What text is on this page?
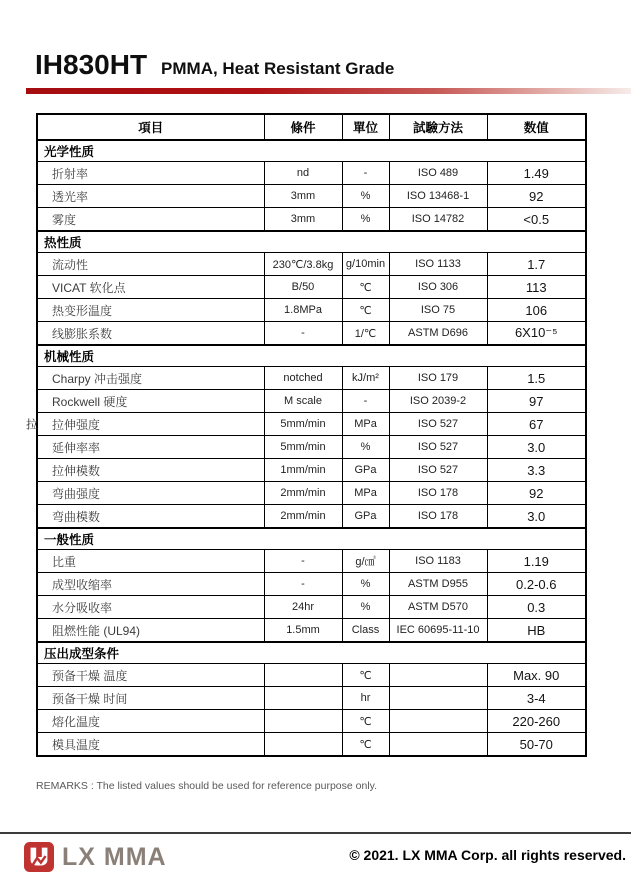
IH830HT PMMA, Heat Resistant Grade
項目	條件	單位	試驗方法	数值
光学性质				
折射率	nd	-	ISO 489	1.49
透光率	3mm	%	ISO 13468-1	92
雾度	3mm	%	ISO 14782	<0.5
热性质				
流动性	230℃/3.8kg	g/10min	ISO 1133	1.7
VICAT 软化点	B/50	℃	ISO 306	113
热变形温度	1.8MPa	℃	ISO 75	106
线膨胀系数	-	1/℃	ASTM D696	6X10⁻⁵
机械性质				
Charpy 冲击强度	notched	kJ/m²	ISO 179	1.5
Rockwell 硬度	M scale	-	ISO 2039-2	97

拉 拉伸强度	5mm/min	MPa	ISO 527	67
延伸率率	5mm/min	%	ISO 527	3.0
拉伸模数	1mm/min	GPa	ISO 527	3.3
弯曲强度	2mm/min	MPa	ISO 178	92
弯曲模数	2mm/min	GPa	ISO 178	3.0
一般性质				
比重	-	g/㎤	ISO 1183	1.19
成型收缩率	-	%	ASTM D955	0.2-0.6
水分吸收率	24hr	%	ASTM D570	0.3
阻燃性能 (UL94)	1.5mm	Class	IEC 60695-11-10	HB
压出成型条件				
预备干燥 温度		℃		Max. 90
预备干燥 时间		hr		3-4
熔化温度		℃		220-260
模具温度		℃		50-70
REMARKS : The listed values should be used for reference purpose only.
LX MMA	© 2021. LX MMA Corp. all rights reserved.
